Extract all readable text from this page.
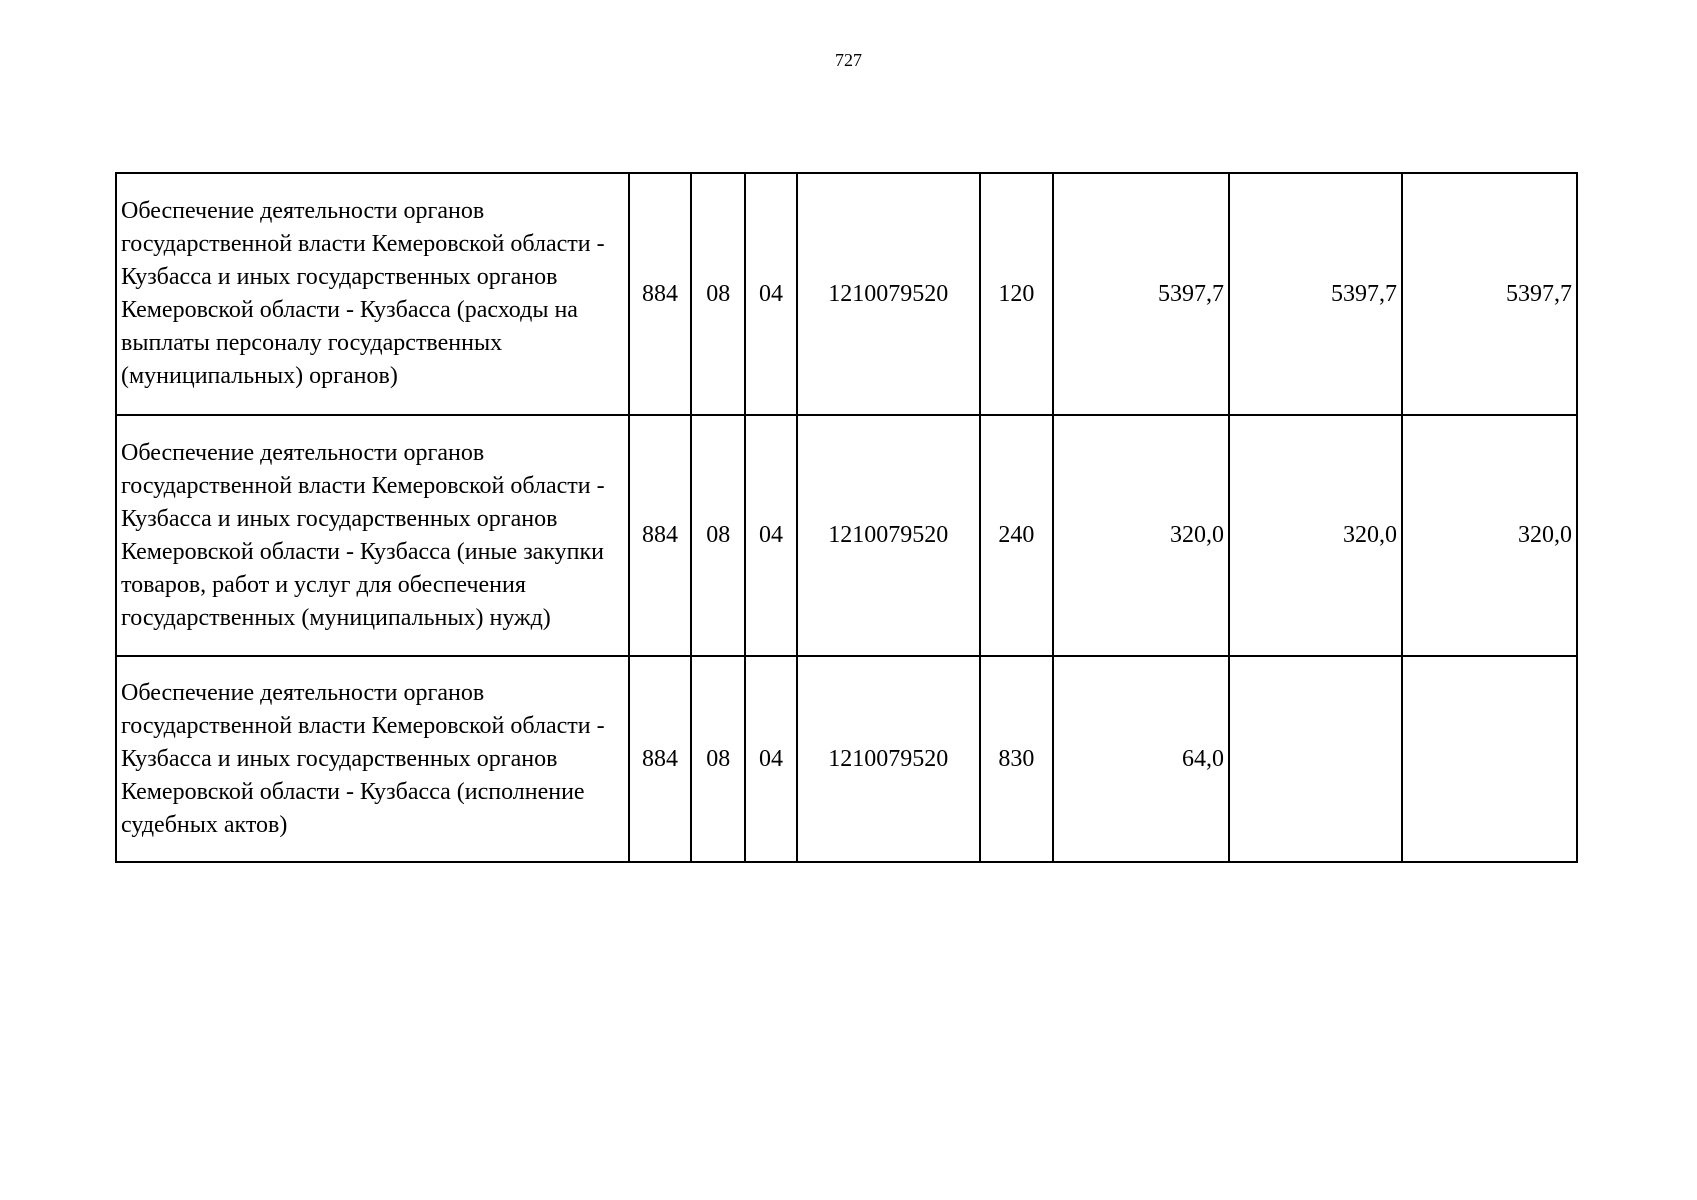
727
Обеспечение деятельности органов государственной власти Кемеровской области - Кузбасса и иных государственных органов Кемеровской области - Кузбасса (расходы на выплаты персоналу государственных (муниципальных) органов)	884	08	04	1210079520	120	5397,7	5397,7	5397,7
Обеспечение деятельности органов государственной власти Кемеровской области - Кузбасса и иных государственных органов Кемеровской области - Кузбасса (иные закупки товаров, работ и услуг для обеспечения государственных (муниципальных) нужд)	884	08	04	1210079520	240	320,0	320,0	320,0
Обеспечение деятельности органов государственной власти Кемеровской области - Кузбасса и иных государственных органов Кемеровской области - Кузбасса (исполнение судебных актов)	884	08	04	1210079520	830	64,0		
